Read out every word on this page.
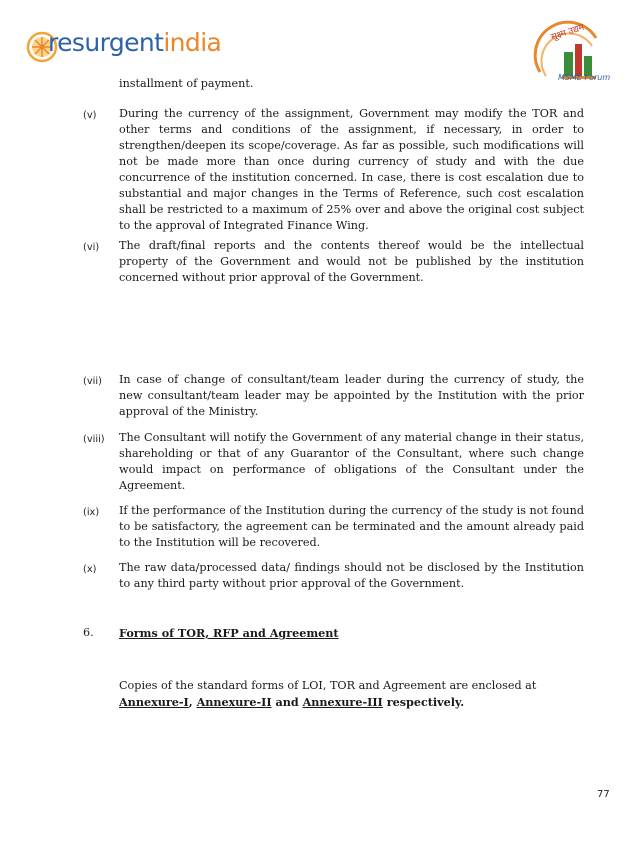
resurgentindia	सूक्ष्म उद्यम
MSME Forum
installment of payment.
(v) During the currency of the assignment, Government may modify the TOR and other terms and conditions of the assignment, if necessary, in order to strengthen/deepen its scope/coverage. As far as possible, such modifications will not be made more than once during currency of study and with the due concurrence of the institution concerned. In case, there is cost escalation due to substantial and major changes in the Terms of Reference, such cost escalation shall be restricted to a maximum of 25% over and above the original cost subject to the approval of Integrated Finance Wing.
(vi) The draft/final reports and the contents thereof would be the intellectual property of the Government and would not be published by the institution concerned without prior approval of the Government.
(vii) In case of change of consultant/team leader during the currency of study, the new consultant/team leader may be appointed by the Institution with the prior approval of the Ministry.
(viii) The Consultant will notify the Government of any material change in their status, shareholding or that of any Guarantor of the Consultant, where such change would impact on performance of obligations of the Consultant under the Agreement.
(ix) If the performance of the Institution during the currency of the study is not found to be satisfactory, the agreement can be terminated and the amount already paid to the Institution will be recovered.
(x) The raw data/processed data/ findings should not be disclosed by the Institution to any third party without prior approval of the Government.
6. Forms of TOR, RFP and Agreement
Copies of the standard forms of LOI, TOR and Agreement are enclosed at
Annexure-I, Annexure-II and Annexure-III respectively.
77
